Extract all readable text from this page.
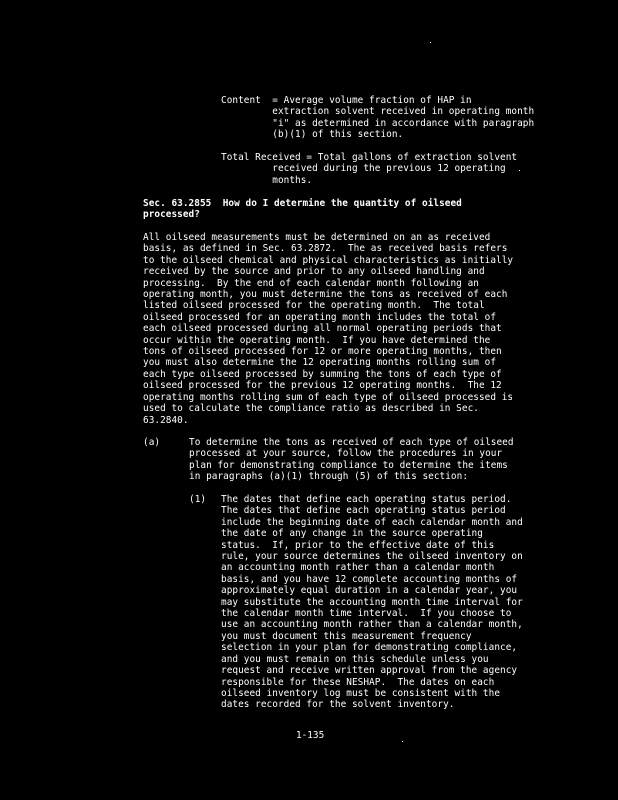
Content  = Average volume fraction of HAP in
extraction solvent received in operating month
"i" as determined in accordance with paragraph
(b)(1) of this section.
Total Received = Total gallons of extraction solvent
received during the previous 12 operating
months.
Sec. 63.2855  How do I determine the quantity of oilseed
processed?
All oilseed measurements must be determined on an as received
basis, as defined in Sec. 63.2872.  The as received basis refers
to the oilseed chemical and physical characteristics as initially
received by the source and prior to any oilseed handling and
processing.  By the end of each calendar month following an
operating month, you must determine the tons as received of each
listed oilseed processed for the operating month.  The total
oilseed processed for an operating month includes the total of
each oilseed processed during all normal operating periods that
occur within the operating month.  If you have determined the
tons of oilseed processed for 12 or more operating months, then
you must also determine the 12 operating months rolling sum of
each type oilseed processed by summing the tons of each type of
oilseed processed for the previous 12 operating months.  The 12
operating months rolling sum of each type of oilseed processed is
used to calculate the compliance ratio as described in Sec.
63.2840.
(a)	To determine the tons as received of each type of oilseed
processed at your source, follow the procedures in your
plan for demonstrating compliance to determine the items
in paragraphs (a)(1) through (5) of this section:
(1) The dates that define each operating status period.
The dates that define each operating status period
include the beginning date of each calendar month and
the date of any change in the source operating
status.  If, prior to the effective date of this
rule, your source determines the oilseed inventory on
an accounting month rather than a calendar month
basis, and you have 12 complete accounting months of
approximately equal duration in a calendar year, you
may substitute the accounting month time interval for
the calendar month time interval.  If you choose to
use an accounting month rather than a calendar month,
you must document this measurement frequency
selection in your plan for demonstrating compliance,
and you must remain on this schedule unless you
request and receive written approval from the agency
responsible for these NESHAP.  The dates on each
oilseed inventory log must be consistent with the
dates recorded for the solvent inventory.
1-135
